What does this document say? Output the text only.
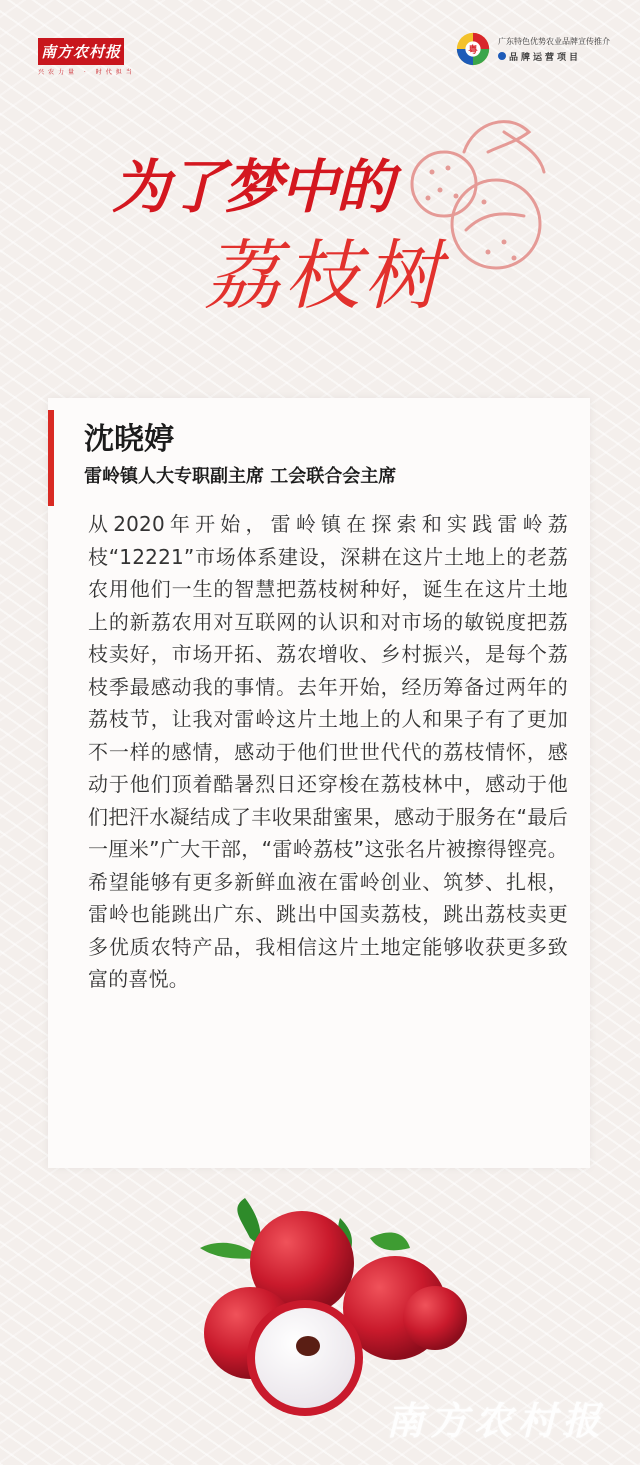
南方农村报
兴农力量 · 时代担当
粤
广东特色优势农业品牌宣传推介
品牌运营项目
为了梦中的
荔枝树
沈晓婷
雷岭镇人大专职副主席 工会联合会主席
从2020年开始，雷岭镇在探索和实践雷岭荔枝“12221”市场体系建设，深耕在这片土地上的老荔农用他们一生的智慧把荔枝树种好，诞生在这片土地上的新荔农用对互联网的认识和对市场的敏锐度把荔枝卖好，市场开拓、荔农增收、乡村振兴，是每个荔枝季最感动我的事情。去年开始，经历筹备过两年的荔枝节，让我对雷岭这片土地上的人和果子有了更加不一样的感情，感动于他们世世代代的荔枝情怀，感动于他们顶着酷暑烈日还穿梭在荔枝林中，感动于他们把汗水凝结成了丰收果甜蜜果，感动于服务在“最后一厘米”广大干部，“雷岭荔枝”这张名片被擦得铿亮。希望能够有更多新鲜血液在雷岭创业、筑梦、扎根，雷岭也能跳出广东、跳出中国卖荔枝，跳出荔枝卖更多优质农特产品，我相信这片土地定能够收获更多致富的喜悦。
南方农村报
